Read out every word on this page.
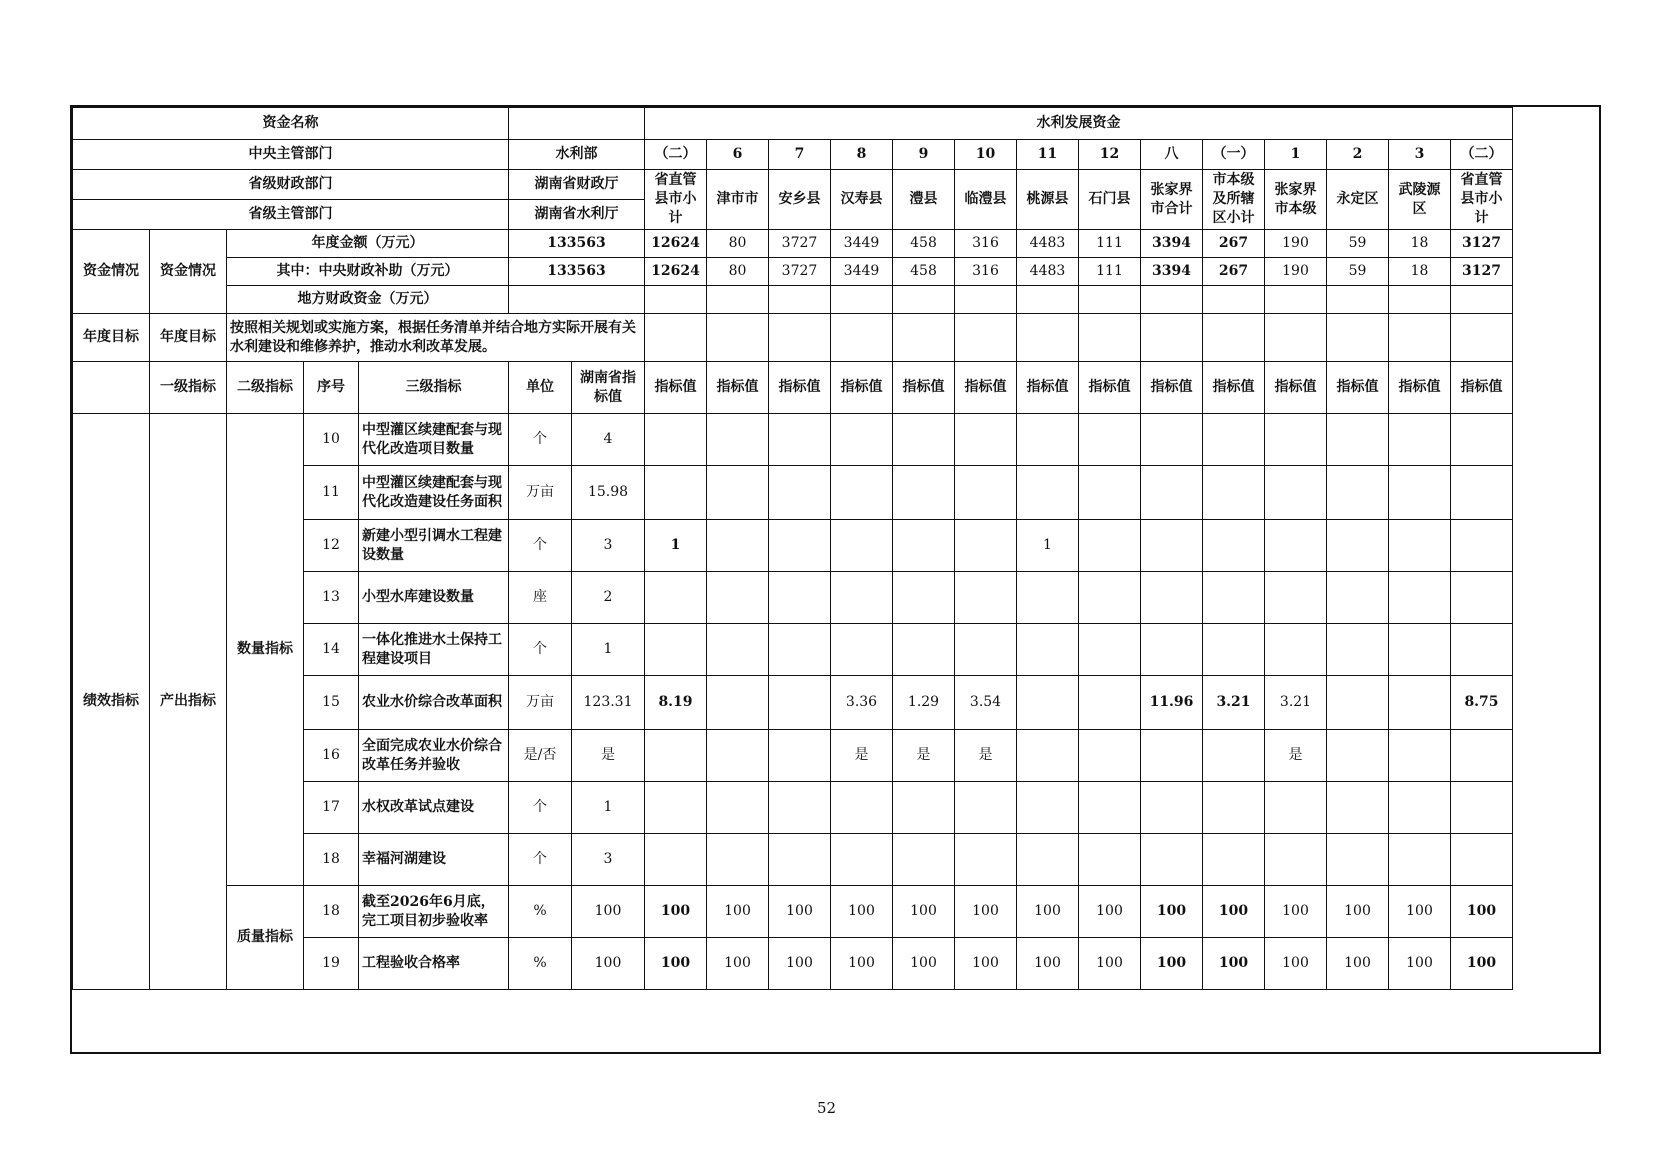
资金名称							水利发展资金													
中央主管部门					水利部		（二）	6	7	8	9	10	11	12	八	（一）	1	2	3	（二）
省级财政部门					湖南省财政厅		省直管县市小计	津市市	安乡县	汉寿县	澧县	临澧县	桃源县	石门县	张家界市合计	市本级及所辖区小计	张家界市本级	永定区	武陵源区	省直管县市小计
省级主管部门					湖南省水利厅															
资金情况	资金情况	年度金额（万元）			133563		12624	80	3727	3449	458	316	4483	111	3394	267	190	59	18	3127
		其中：中央财政补助（万元）			133563		12624	80	3727	3449	458	316	4483	111	3394	267	190	59	18	3127
		地方财政资金（万元）																		
年度目标	年度目标	按照相关规划或实施方案，根据任务清单并结合地方实际开展有关水利建设和维修养护，推动水利改革发展。																		
	一级指标	二级指标	序号	三级指标	单位	湖南省指标值	指标值	指标值	指标值	指标值	指标值	指标值	指标值	指标值	指标值	指标值	指标值	指标值	指标值	指标值
绩效指标	产出指标	数量指标	10	中型灌区续建配套与现代化改造项目数量	个	4														
			11	中型灌区续建配套与现代化改造建设任务面积	万亩	15.98														
			12	新建小型引调水工程建设数量	个	3	1						1							
			13	小型水库建设数量	座	2														
			14	一体化推进水土保持工程建设项目	个	1														
			15	农业水价综合改革面积	万亩	123.31	8.19			3.36	1.29	3.54			11.96	3.21	3.21			8.75
			16	全面完成农业水价综合改革任务并验收	是/否	是				是	是	是					是			
			17	水权改革试点建设	个	1														
			18	幸福河湖建设	个	3														
		质量指标	18	截至2026年6月底，完工项目初步验收率	%	100	100	100	100	100	100	100	100	100	100	100	100	100	100	100
			19	工程验收合格率	%	100	100	100	100	100	100	100	100	100	100	100	100	100	100	100
52
